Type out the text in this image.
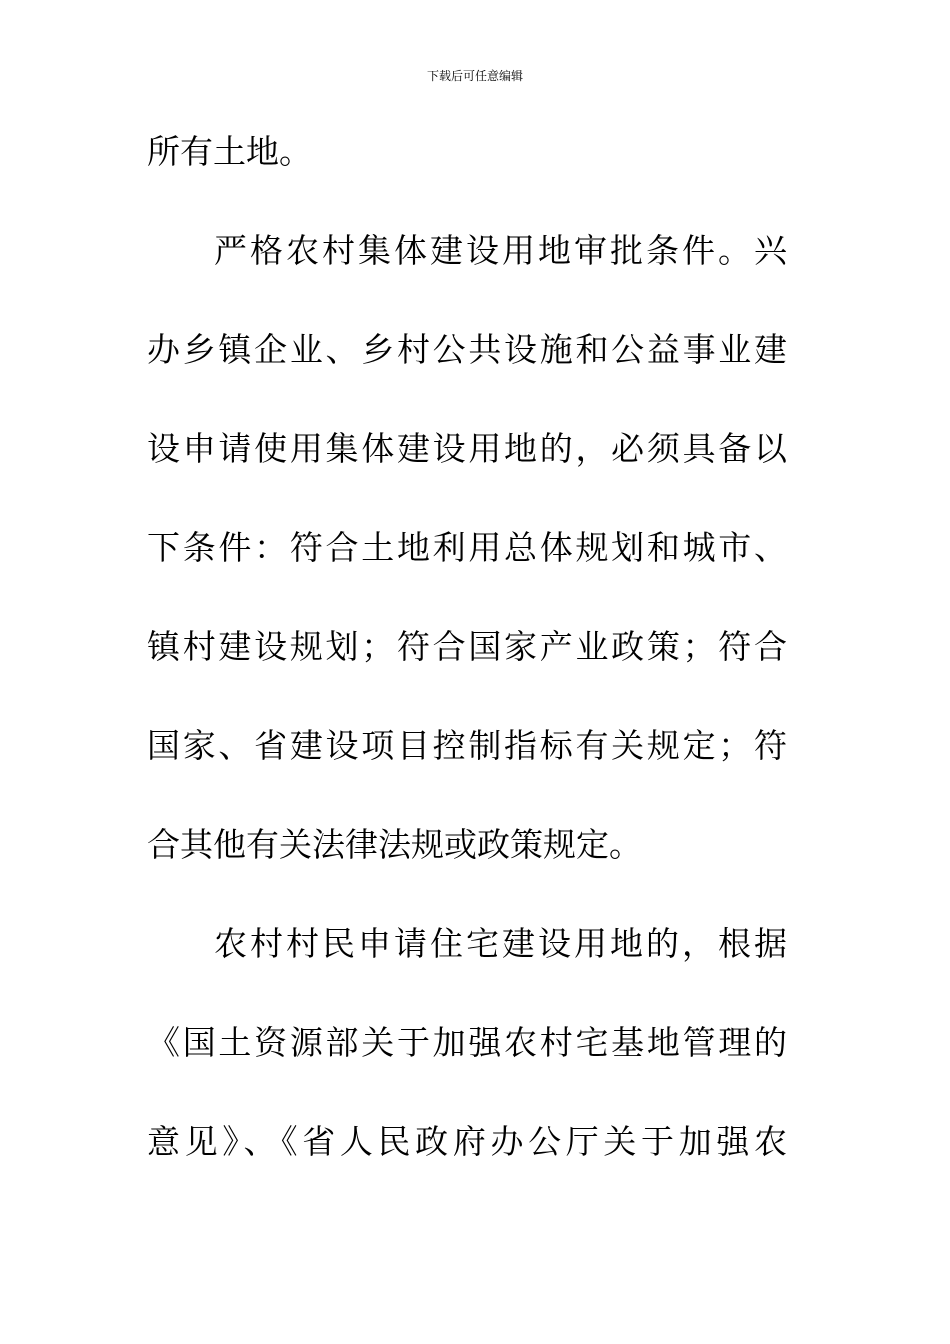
下载后可任意编辑
所有土地。
严格农村集体建设用地审批条件。兴
办乡镇企业、乡村公共设施和公益事业建
设申请使用集体建设用地的，必须具备以
下条件：符合土地利用总体规划和城市、
镇村建设规划；符合国家产业政策；符合
国家、省建设项目控制指标有关规定；符
合其他有关法律法规或政策规定。
农村村民申请住宅建设用地的，根据
《国土资源部关于加强农村宅基地管理的
意见》、《省人民政府办公厅关于加强农
